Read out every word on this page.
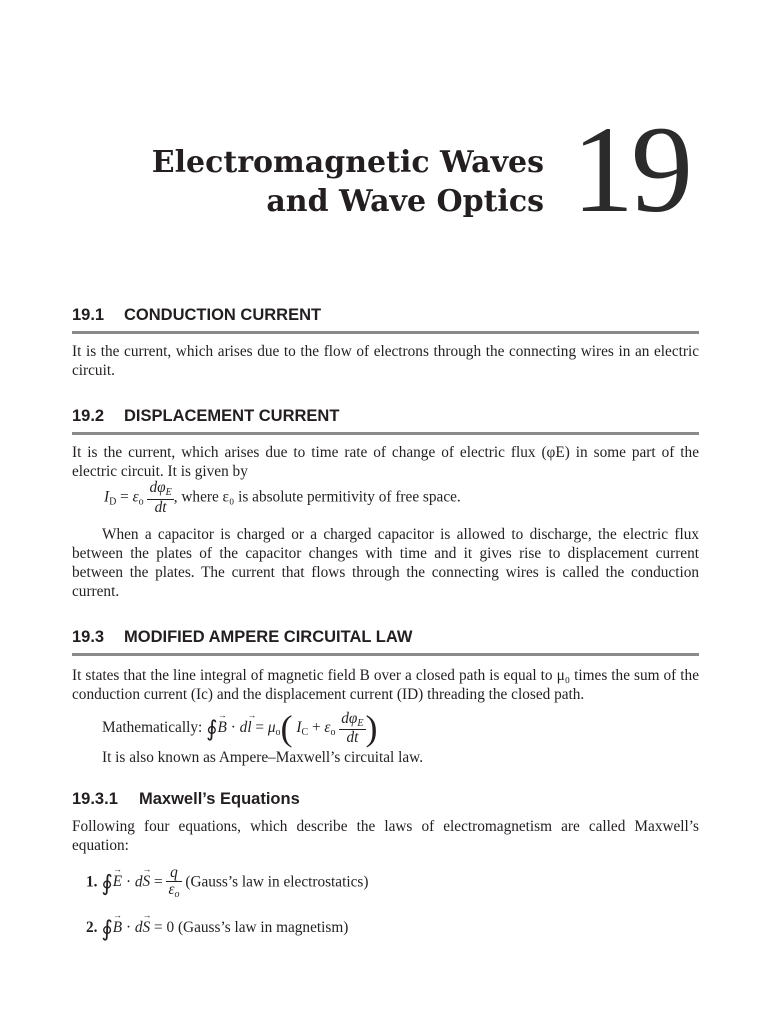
Electromagnetic Waves
and Wave Optics 19
19.1 CONDUCTION CURRENT
It is the current, which arises due to the flow of electrons through the connecting wires in an electric circuit.
19.2 DISPLACEMENT CURRENT
It is the current, which arises due to time rate of change of electric flux (φE) in some part of the electric circuit. It is given by
$I_D = \varepsilon_o \frac{d\varphi_E}{dt}$ , where ε₀ is absolute permitivity of free space.
When a capacitor is charged or a charged capacitor is allowed to discharge, the electric flux between the plates of the capacitor changes with time and it gives rise to displacement current between the plates. The current that flows through the connecting wires is called the conduction current.
19.3 MODIFIED AMPERE CIRCUITAL LAW
It states that the line integral of magnetic field B over a closed path is equal to μ₀ times the sum of the conduction current (Ic) and the displacement current (ID) threading the closed path.
Mathematically: ∮B → · dl → = $\mu_o$( $I_C + \varepsilon_o \frac{d\varphi_E}{dt}$ )
It is also known as Ampere–Maxwell’s circuital law.
19.3.1 Maxwell’s Equations
Following four equations, which describe the laws of electromagnetism are called Maxwell’s equation:
1. ∮E → · dS → = $\frac{q}{\varepsilon_o}$ (Gauss’s law in electrostatics)
2. ∮B → · dS → = 0 (Gauss’s law in magnetism)
